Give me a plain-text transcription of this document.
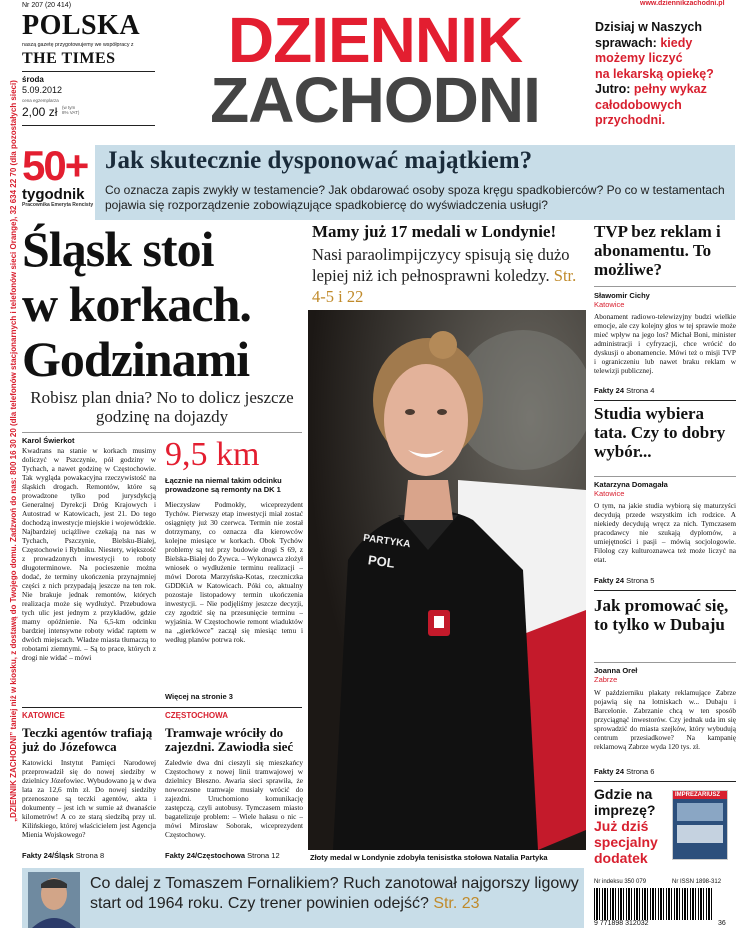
„DZIENNIK ZACHODNI” taniej niż w kiosku, z dostawą do Twojego domu. Zadzwoń do nas: 800 16 30 20 (dla telefonów stacjonarnych i telefonów sieci Orange), 32 634 22 70 (dla pozostałych sieci)
Nr 207 (20 414)
POLSKA
naszą gazetę przygotowujemy we współpracy z
THE TIMES
środa
5.09.2012
cena egzemplarza
2,00 zł (w tym
8% VAT)
DZIENNIK
ZACHODNI
www.dziennikzachodni.pl
Dzisiaj w Naszych
sprawach: kiedy
możemy liczyć
na lekarską opiekę?
Jutro: pełny wykaz
całodobowych
przychodni.
50+
tygodnik
Pracownika Emeryta Rencisty
Jak skutecznie dysponować majątkiem?
Co oznacza zapis zwykły w testamencie? Jak obdarować osoby spoza kręgu spadkobierców? Po co w testamentach pojawia się rozporządzenie zobowiązujące spadkobiercę do wyświadczenia usługi?
Śląsk stoi
w korkach.
Godzinami
Robisz plan dnia? No to dolicz jeszcze godzinę na dojazdy
Karol Świerkot
Kwadrans na stanie w korkach musimy doliczyć w Pszczynie, pół godziny w Tychach, a nawet godzinę w Częstochowie. Tak wygląda powakacyjna rzeczywistość na śląskich drogach. Remontów, które są prowadzone tylko pod jurysdykcją Generalnej Dyrekcji Dróg Krajowych i Autostrad w Katowicach, jest 21. Do tego dochodzą inwestycje miejskie i wojewódzkie. Najbardziej uciążliwe czekają na nas w Tychach, Pszczynie, Bielsku-Białej, Częstochowie i Rybniku. Niestety, większość z prowadzonych inwestycji to roboty długoterminowe. Na pocieszenie można dodać, że terminy ukończenia przynajmniej części z nich przypadają jeszcze na ten rok. Nie brakuje jednak remontów, których realizacja może się wydłużyć. Przebudowa tych ulic jest jednym z przykładów, gdzie mamy opóźnienie. Na 6,5-km odcinku bardziej intensywne roboty widać raptem w dwóch miejscach. Władze miasta tłumaczą to robotami ziemnymi. – Są to prace, których z drogi nie widać – mówi
9,5 km
Łącznie na niemal takim odcinku prowadzone są remonty na DK 1
Mieczysław Podmokły, wiceprezydent Tychów. Pierwszy etap inwestycji miał zostać osiągnięty już 30 czerwca. Termin nie został dotrzymany, co oznacza dla kierowców kolejne miesiące w korkach. Obok Tychów problemy są też przy budowie drogi S 69, z Bielska-Białej do Żywca. – Wykonawca złożył wniosek o wydłużenie terminu realizacji – mówi Dorota Marzyńska-Kotas, rzeczniczka GDDKiA w Katowicach. Póki co, aktualny pozostaje listopadowy termin ukończenia inwestycji. – Nie podjęliśmy jeszcze decyzji, czy zgodzić się na przesunięcie terminu – wyjaśnia. W Częstochowie remont wiaduktów na „gierkówce” zaczął się miesiąc temu i według planów potrwa rok.
Więcej na stronie 3
KATOWICE
Teczki agentów trafiają już do Józefowca
Katowicki Instytut Pamięci Narodowej przeprowadził się do nowej siedziby w dzielnicy Józefowiec. Wybudowano ją w dwa lata za 12,6 mln zł. Do nowej siedziby przenoszone są teczki agentów, akta i dokumenty – jest ich w sumie aż dwanaście kilometrów! A co ze starą siedzibą przy ul. Kilińskiego, której właścicielem jest Agencja Mienia Wojskowego?
Fakty 24/Śląsk Strona 8
CZĘSTOCHOWA
Tramwaje wróciły do zajezdni. Zawiodła sieć
Zaledwie dwa dni cieszyli się mieszkańcy Częstochowy z nowej linii tramwajowej w dzielnicy Błeszno. Awaria sieci sprawiła, że nowoczesne tramwaje musiały wrócić do zajezdni. Uruchomiono komunikację zastępczą, czyli autobusy. Tymczasem miasto bagatelizuje problem: – Wiele hałasu o nic – mówi Mirosław Soborak, wiceprezydent Częstochowy.
Fakty 24/Częstochowa Strona 12
Mamy już 17 medali w Londynie!
Nasi paraolimpijczycy spisują się dużo lepiej niż ich pełnosprawni koledzy. Str. 4-5 i 22
PARTYKA
POL
Złoty medal w Londynie zdobyła tenisistka stołowa Natalia Partyka
TVP bez reklam i abonamentu. To możliwe?
Sławomir Cichy
Katowice
Abonament radiowo-telewizyjny budzi wielkie emocje, ale czy kolejny głos w tej sprawie może mieć wpływ na jego los? Michał Boni, minister administracji i cyfryzacji, chce wrócić do dyskusji o abonamencie. Mówi też o misji TVP i ograniczeniu lub nawet braku reklam w telewizji publicznej.
Fakty 24 Strona 4
Studia wybiera tata. Czy to dobry wybór...
Katarzyna Domagała
Katowice
O tym, na jakie studia wybiorą się maturzyści decydują przede wszystkim ich rodzice. A niekiedy decydują wręcz za nich. Tymczasem pracodawcy nie szukają dyplomów, a umiejętności i pasji – mówią socjologowie. Filolog czy kulturoznawca też może liczyć na etat.
Fakty 24 Strona 5
Jak promować się, to tylko w Dubaju
Joanna Oreł
Zabrze
W październiku plakaty reklamujące Zabrze pojawią się na lotniskach w... Dubaju i Barcelonie. Zabrzanie chcą w ten sposób przyciągnąć inwestorów. Czy jednak uda im się sprowadzić do miasta szejków, który wybudują centrum przesiadkowe? Na kampanię reklamową Zabrze wyda 120 tys. zł.
Fakty 24 Strona 6
Gdzie na
imprezę?
Już dziś
specjalny
dodatek
IMPREZARIUSZ
Nr indeksu 350 079	Nr ISSN 1898-312
9 771898 312032	36
Co dalej z Tomaszem Fornalikiem? Ruch zanotował najgorszy ligowy start od 1964 roku. Czy trener powinien odejść? Str. 23
